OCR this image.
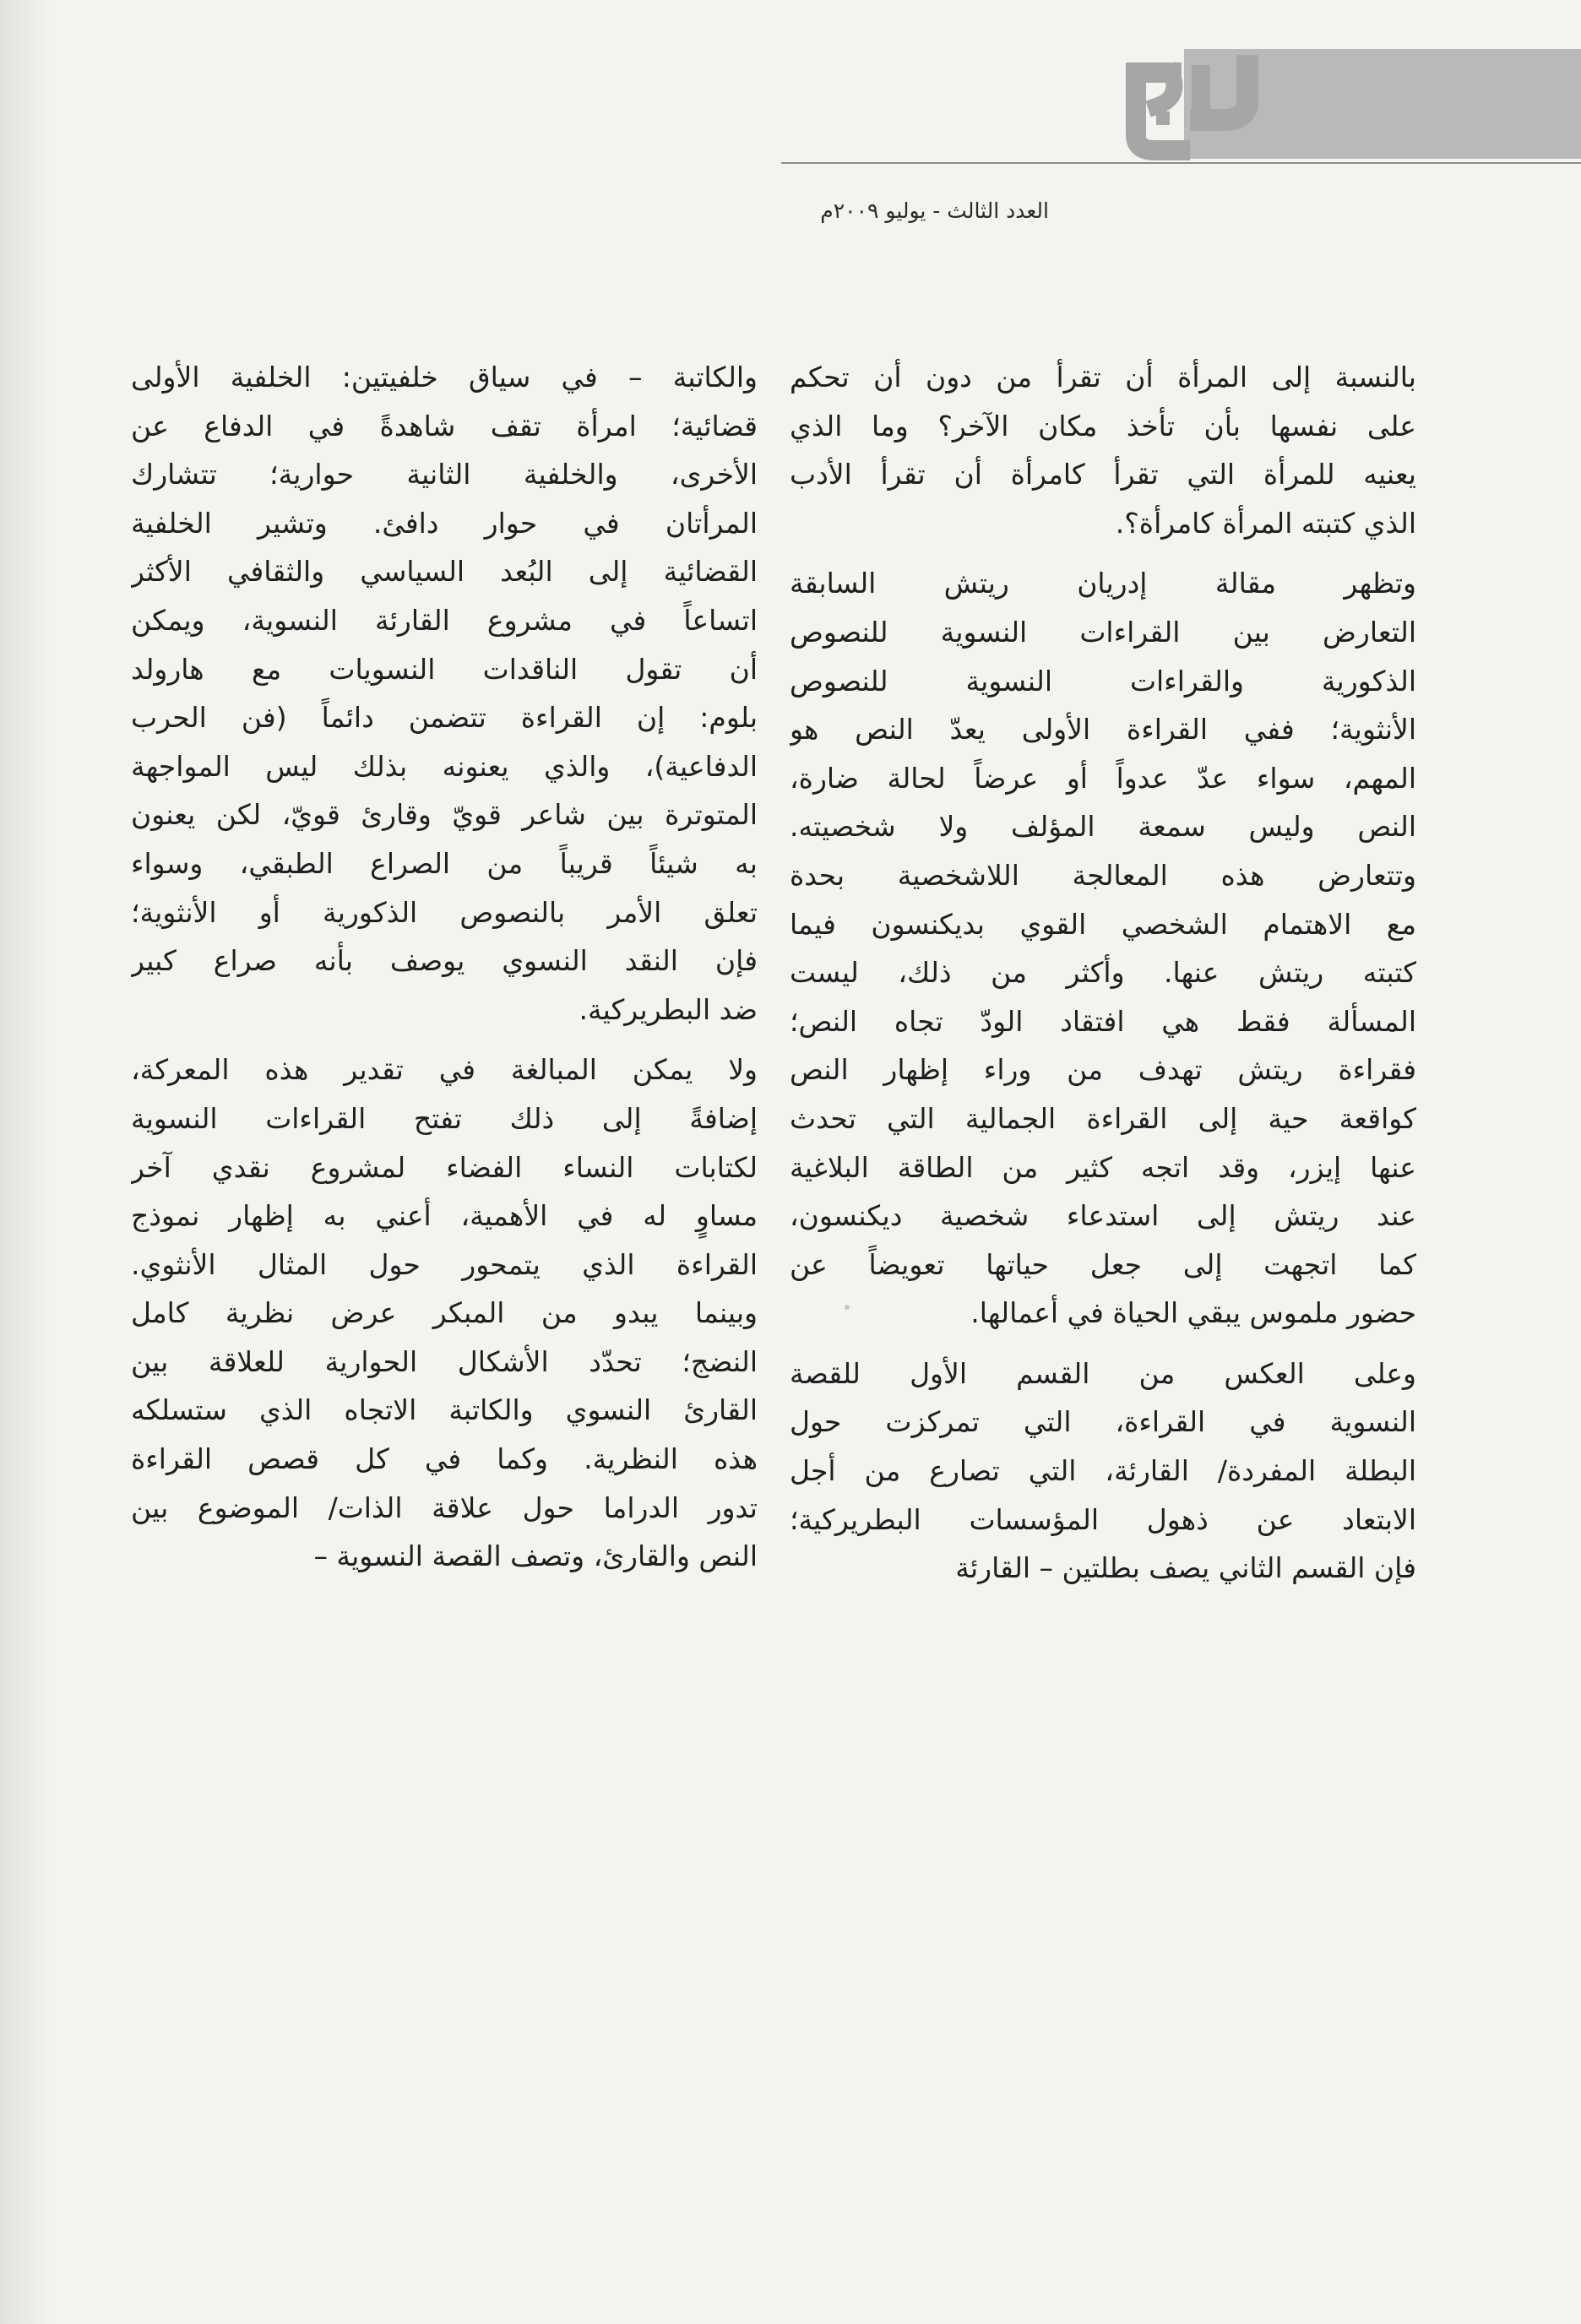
العدد الثالث - يوليو ٢٠٠٩م

بالنسبة إلى المرأة أن تقرأ من دون أن تحكم
على نفسها بأن تأخذ مكان الآخر؟ وما الذي
يعنيه للمرأة التي تقرأ كامرأة أن تقرأ الأدب
الذي كتبته المرأة كامرأة؟.

وتظهر مقالة إدريان ريتش السابقة
التعارض بين القراءات النسوية للنصوص
الذكورية والقراءات النسوية للنصوص
الأنثوية؛ ففي القراءة الأولى يعدّ النص هو
المهم، سواء عدّ عدواً أو عرضاً لحالة ضارة،
النص وليس سمعة المؤلف ولا شخصيته.
وتتعارض هذه المعالجة اللاشخصية بحدة
مع الاهتمام الشخصي القوي بديكنسون فيما
كتبته ريتش عنها. وأكثر من ذلك، ليست
المسألة فقط هي افتقاد الودّ تجاه النص؛
فقراءة ريتش تهدف من وراء إظهار النص
كواقعة حية إلى القراءة الجمالية التي تحدث
عنها إيزر، وقد اتجه كثير من الطاقة البلاغية
عند ريتش إلى استدعاء شخصية ديكنسون،
كما اتجهت إلى جعل حياتها تعويضاً عن
حضور ملموس يبقي الحياة في أعمالها.

وعلى العكس من القسم الأول للقصة
النسوية في القراءة، التي تمركزت حول
البطلة المفردة/ القارئة، التي تصارع من أجل
الابتعاد عن ذهول المؤسسات البطريركية؛
فإن القسم الثاني يصف بطلتين – القارئة

والكاتبة – في سياق خلفيتين: الخلفية الأولى
قضائية؛ امرأة تقف شاهدةً في الدفاع عن
الأخرى، والخلفية الثانية حوارية؛ تتشارك
المرأتان في حوار دافئ. وتشير الخلفية
القضائية إلى البُعد السياسي والثقافي الأكثر
اتساعاً في مشروع القارئة النسوية، ويمكن
أن تقول الناقدات النسويات مع هارولد
بلوم: إن القراءة تتضمن دائماً (فن الحرب
الدفاعية)، والذي يعنونه بذلك ليس المواجهة
المتوترة بين شاعر قويّ وقارئ قويّ، لكن يعنون
به شيئاً قريباً من الصراع الطبقي، وسواء
تعلق الأمر بالنصوص الذكورية أو الأنثوية؛
فإن النقد النسوي يوصف بأنه صراع كبير
ضد البطريركية.

ولا يمكن المبالغة في تقدير هذه المعركة،
إضافةً إلى ذلك تفتح القراءات النسوية
لكتابات النساء الفضاء لمشروع نقدي آخر
مساوٍ له في الأهمية، أعني به إظهار نموذج
القراءة الذي يتمحور حول المثال الأنثوي.
وبينما يبدو من المبكر عرض نظرية كامل
النضج؛ تحدّد الأشكال الحوارية للعلاقة بين
القارئ النسوي والكاتبة الاتجاه الذي ستسلكه
هذه النظرية. وكما في كل قصص القراءة
تدور الدراما حول علاقة الذات/ الموضوع بين
النص والقارئ، وتصف القصة النسوية –
